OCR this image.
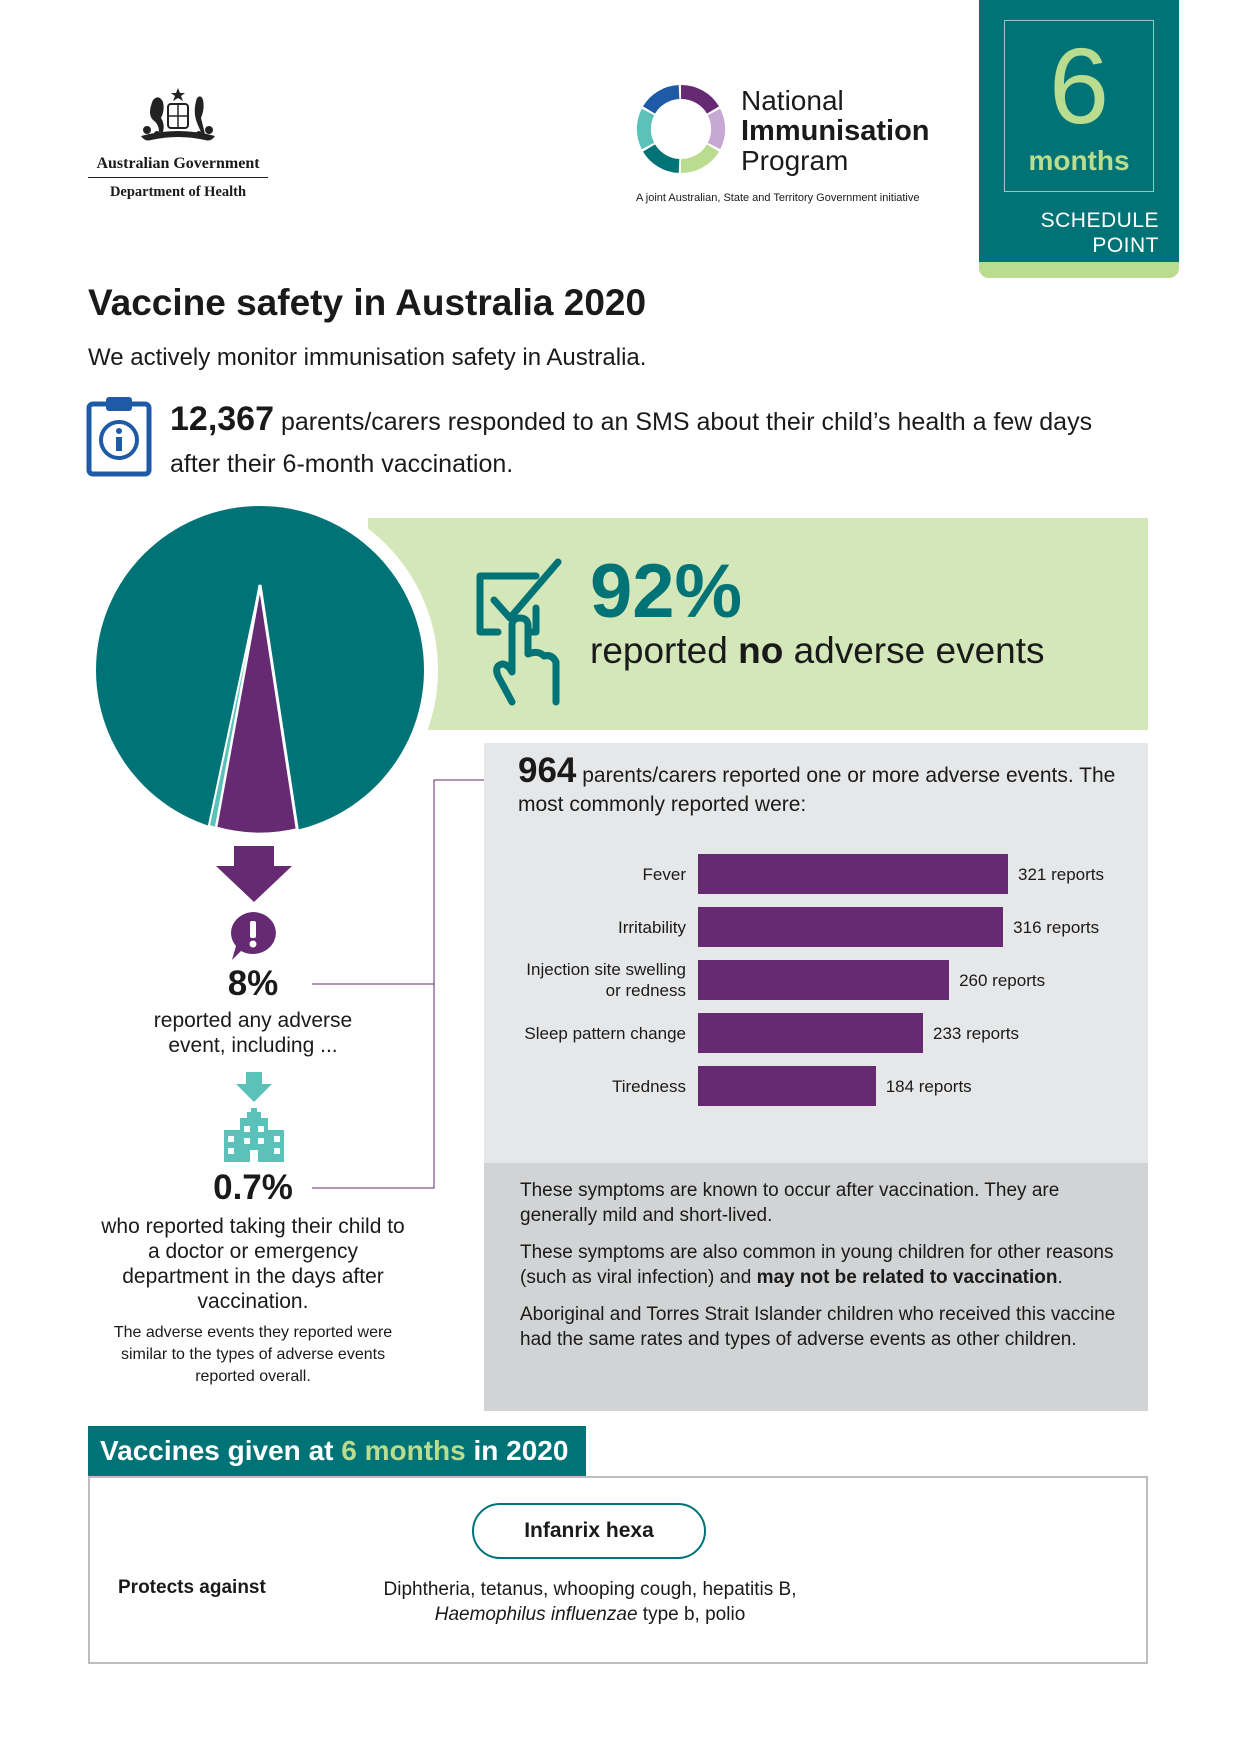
Australian Government
Department of Health
National
Immunisation
Program
A joint Australian, State and Territory Government initiative
6
months
SCHEDULE
POINT
Vaccine safety in Australia 2020
We actively monitor immunisation safety in Australia.
12,367 parents/carers responded to an SMS about their child’s health a few days after their 6-month vaccination.
92%
reported no adverse events
8%
reported any adverse event, including ...
0.7%
who reported taking their child to a doctor or emergency department in the days after vaccination.
The adverse events they reported were similar to the types of adverse events reported overall.
964 parents/carers reported one or more adverse events. The most commonly reported were:
Fever	321 reports
Irritability	316 reports
Injection site swelling
or redness
260 reports
Sleep pattern change	233 reports
Tiredness	184 reports

These symptoms are known to occur after vaccination. They are generally mild and short-lived.

These symptoms are also common in young children for other reasons (such as viral infection) and may not be related to vaccination.

Aboriginal and Torres Strait Islander children who received this vaccine had the same rates and types of adverse events as other children.

Vaccines given at 6 months in 2020
Infanrix hexa
Protects against	Diphtheria, tetanus, whooping cough, hepatitis B,
Haemophilus influenzae type b, polio
